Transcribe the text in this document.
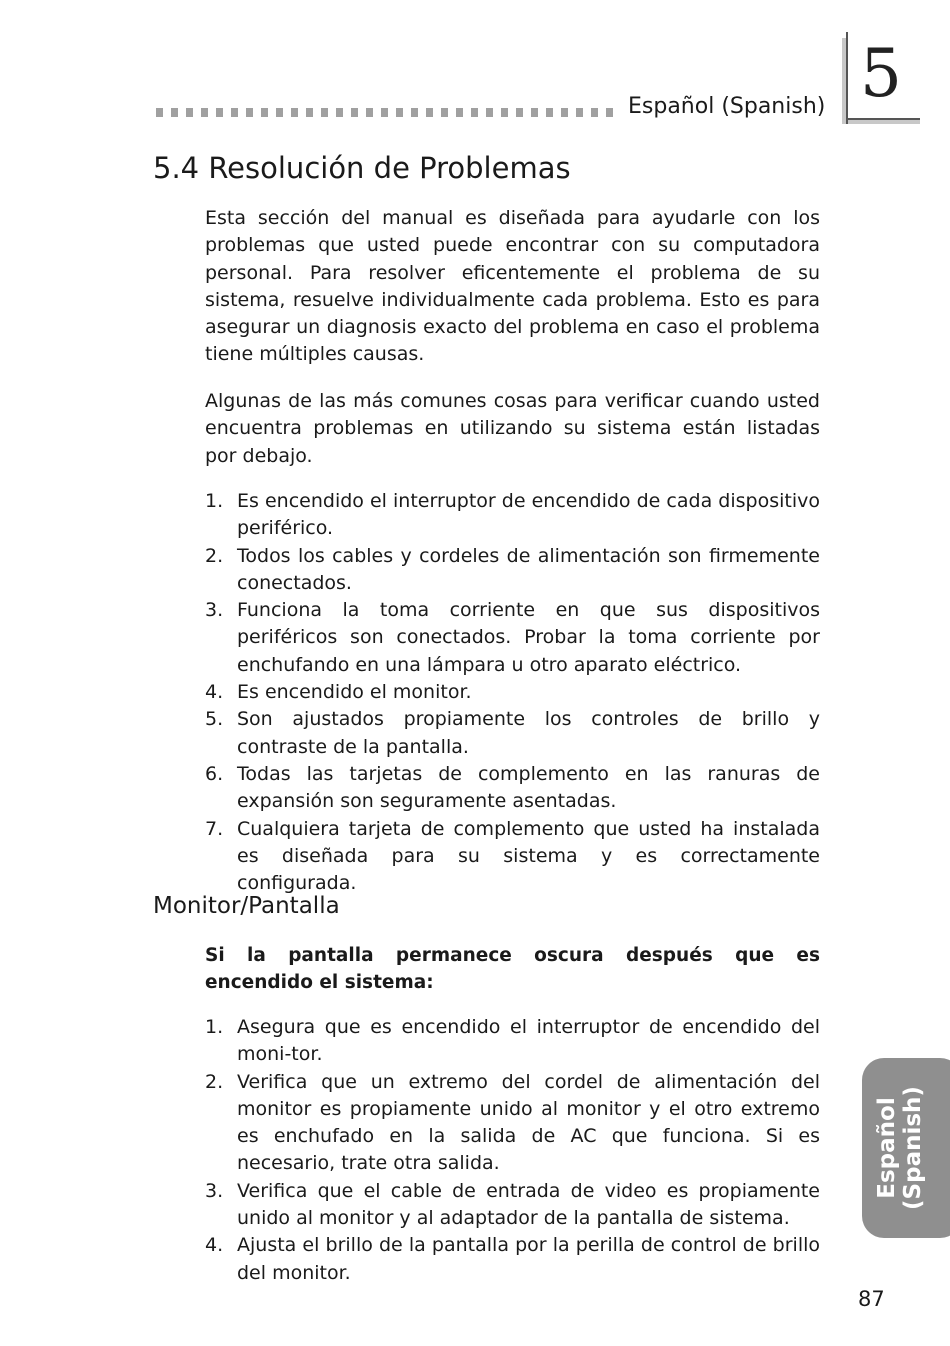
Español (Spanish) 5
5.4 Resolución de Problemas

Esta sección del manual es diseñada para ayudarle con los problemas que usted puede encontrar con su computadora personal. Para resolver eficentemente el problema de su sistema, resuelve individualmente cada problema. Esto es para asegurar un diagnosis exacto del problema en caso el problema tiene múltiples causas.

Algunas de las más comunes cosas para verificar cuando usted encuentra problemas en utilizando su sistema están listadas por debajo.

1. Es encendido el interruptor de encendido de cada dispositivo periférico.
2. Todos los cables y cordeles de alimentación son firmemente conectados.
3. Funciona la toma corriente en que sus dispositivos periféricos son conectados. Probar la toma corriente por enchufando en una lámpara u otro aparato eléctrico.
4. Es encendido el monitor.
5. Son ajustados propiamente los controles de brillo y contraste de la pantalla.
6. Todas las tarjetas de complemento en las ranuras de expansión son seguramente asentadas.
7. Cualquiera tarjeta de complemento que usted ha instalada es diseñada para su sistema y es correctamente configurada.
Monitor/Pantalla

Si la pantalla permanece oscura después que es encendido el sistema:

1. Asegura que es encendido el interruptor de encendido del moni-tor.
2. Verifica que un extremo del cordel de alimentación del monitor es propiamente unido al monitor y el otro extremo es enchufado en la salida de AC que funciona. Si es necesario, trate otra salida.
3. Verifica que el cable de entrada de video es propiamente unido al monitor y al adaptador de la pantalla de sistema.
4. Ajusta el brillo de la pantalla por la perilla de control de brillo del monitor.
Español (Spanish)
87
